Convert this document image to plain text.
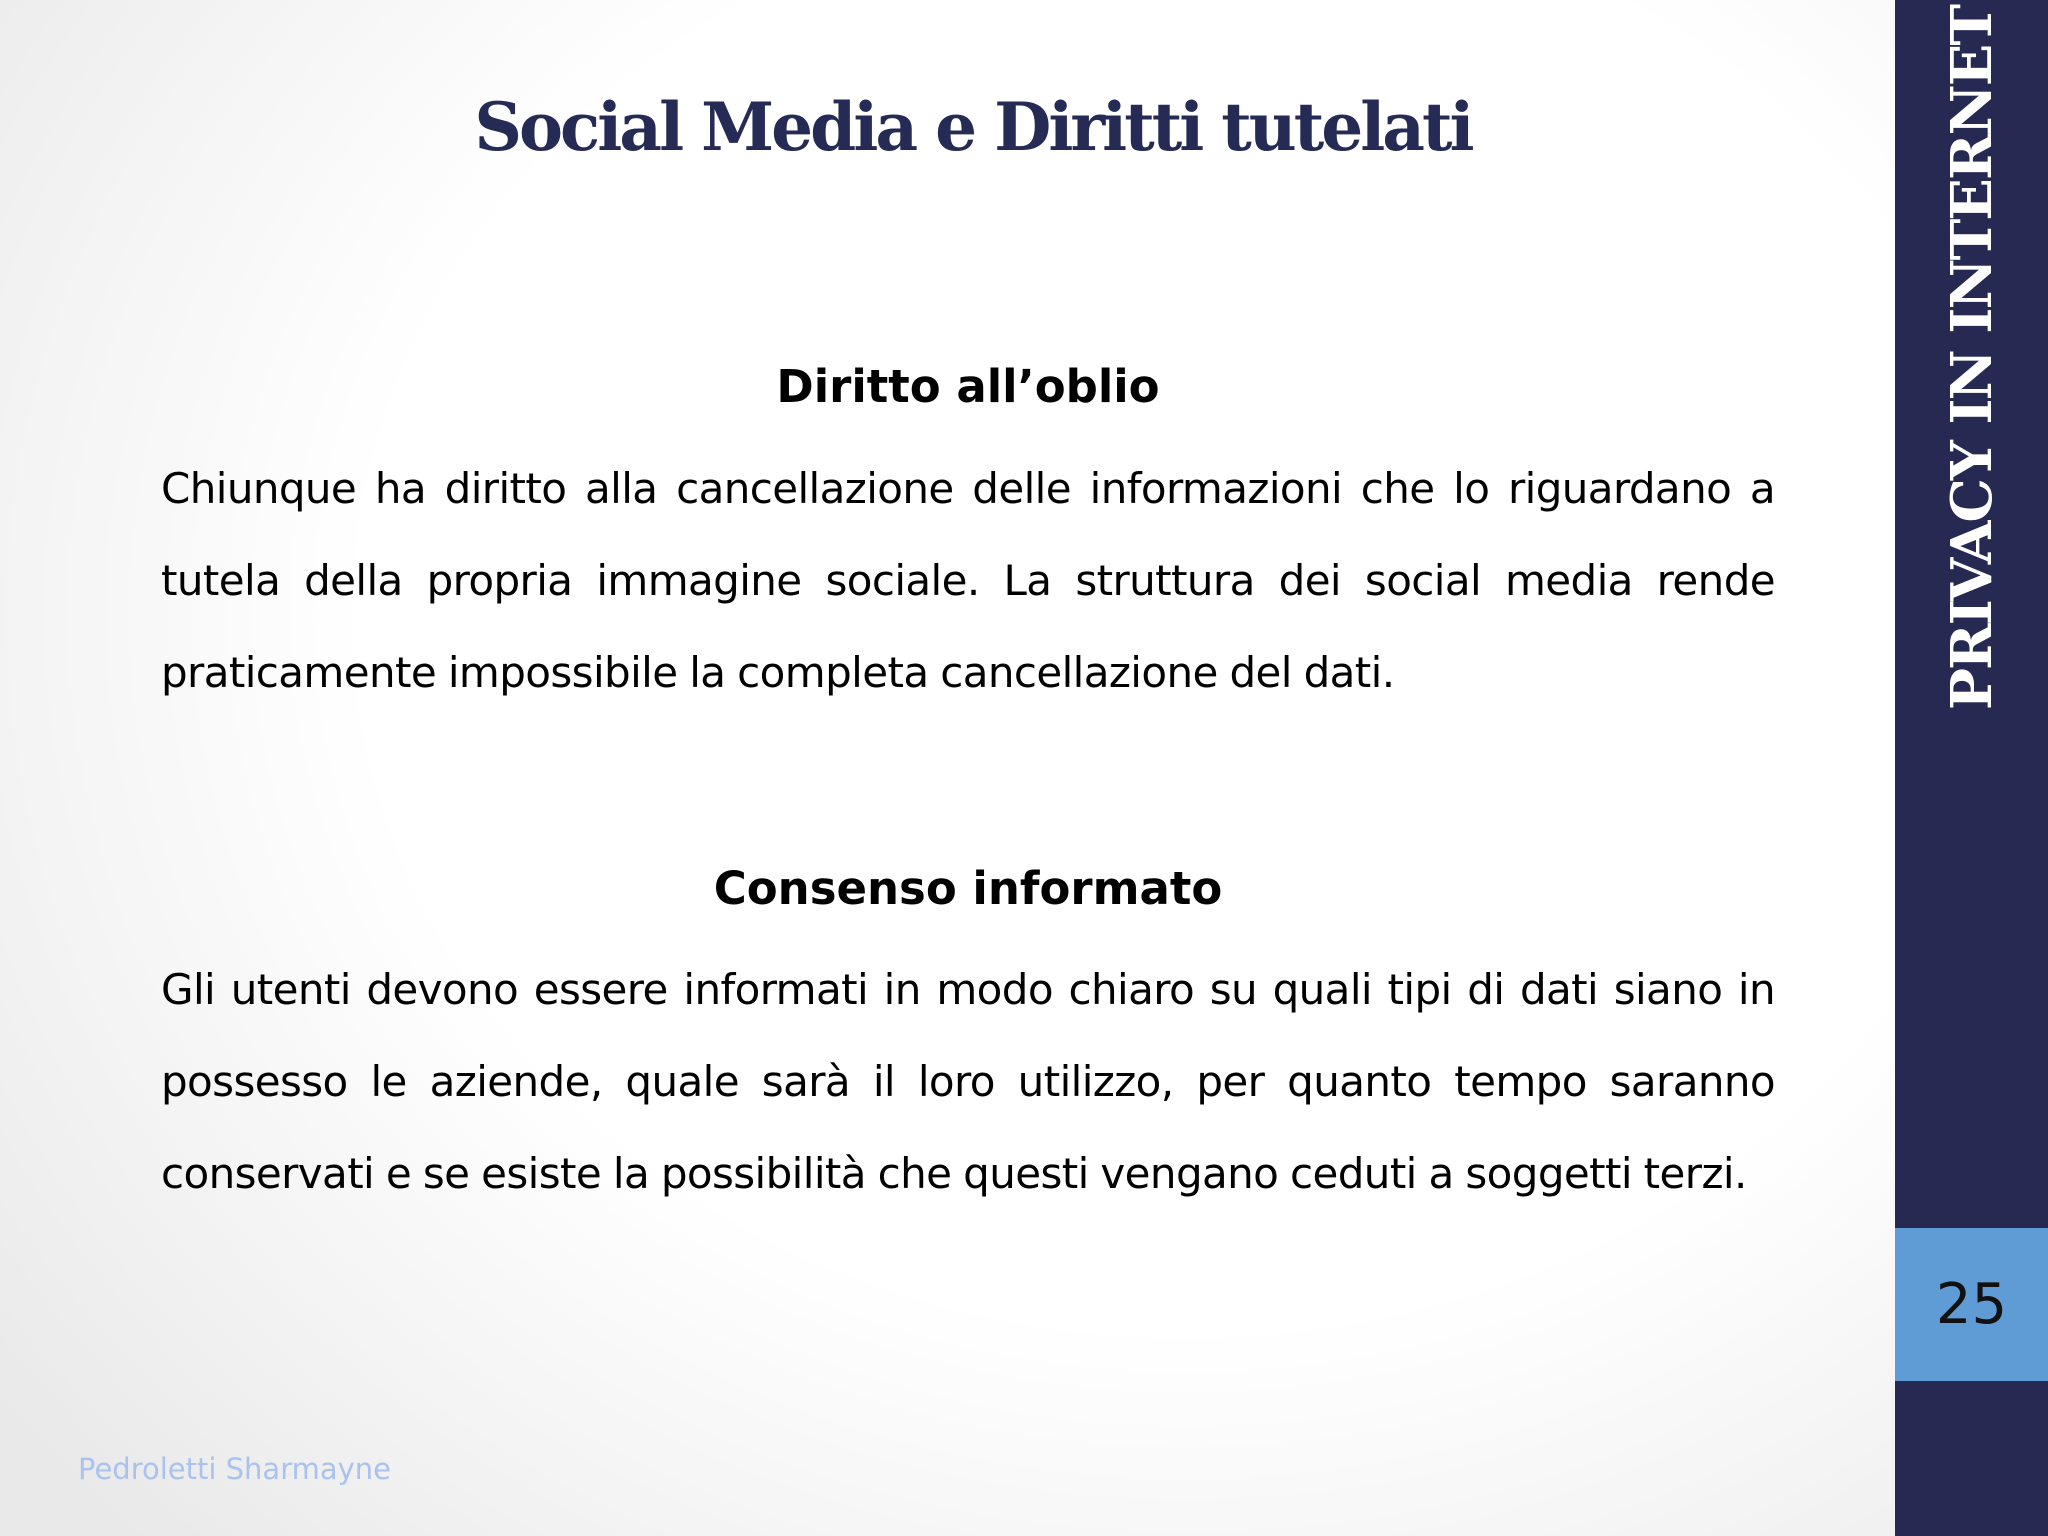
Social Media e Diritti tutelati
Diritto all’oblio

Chiunque ha diritto alla cancellazione delle informazioni che lo riguardano a tutela della propria immagine sociale. La struttura dei social media rende praticamente impossibile la completa cancellazione del dati.

Consenso informato

Gli utenti devono essere informati in modo chiaro su quali tipi di dati siano in possesso le aziende, quale sarà il loro utilizzo, per quanto tempo saranno conservati e se esiste la possibilità che questi vengano ceduti a soggetti terzi.

Pedroletti Sharmayne
PRIVACY IN INTERNET
25
